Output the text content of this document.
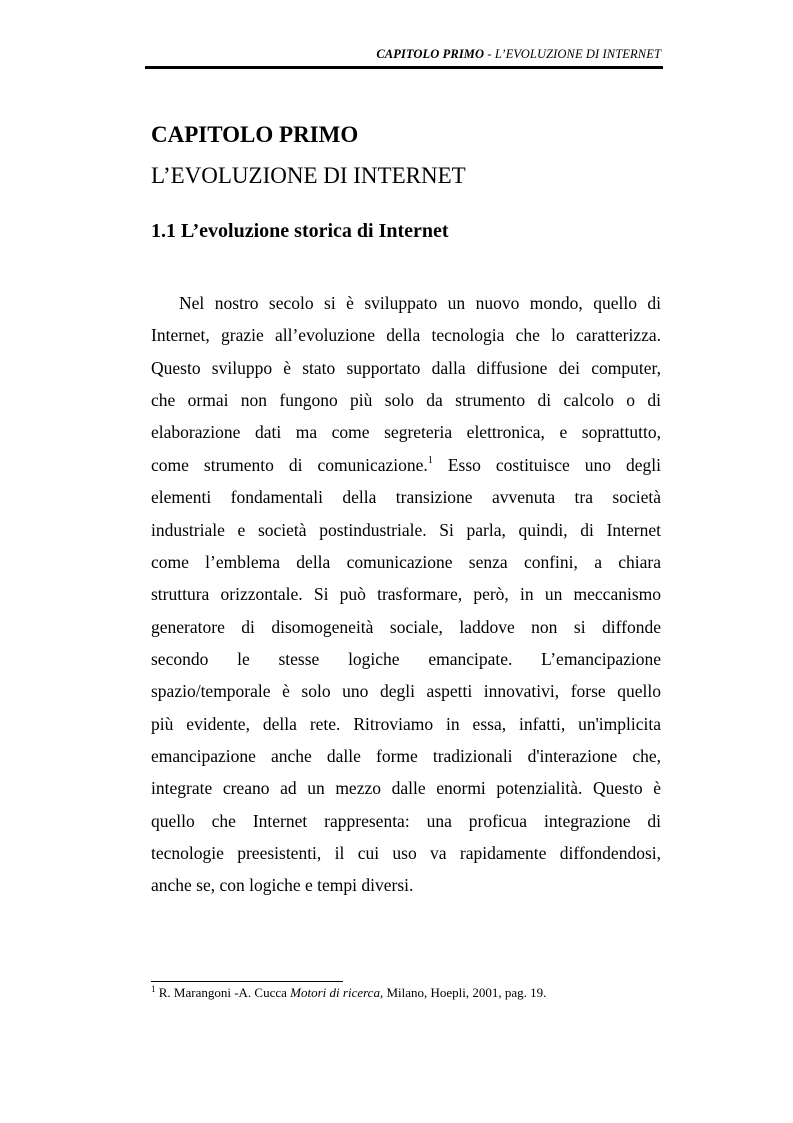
CAPITOLO PRIMO - L’EVOLUZIONE DI INTERNET
CAPITOLO PRIMO
L’EVOLUZIONE DI INTERNET
1.1 L’evoluzione storica di Internet
Nel nostro secolo si è sviluppato un nuovo mondo, quello di
Internet, grazie all’evoluzione della tecnologia che lo caratterizza.
Questo sviluppo è stato supportato dalla diffusione dei computer,
che ormai non fungono più solo da strumento di calcolo o di
elaborazione dati ma come segreteria elettronica, e soprattutto,
come strumento di comunicazione.$^1$ Esso costituisce uno degli
elementi fondamentali della transizione avvenuta tra società
industriale e società postindustriale. Si parla, quindi, di Internet
come l’emblema della comunicazione senza confini, a chiara
struttura orizzontale. Si può trasformare, però, in un meccanismo
generatore di disomogeneità sociale, laddove non si diffonde
secondo le stesse logiche emancipate. L’emancipazione
spazio/temporale è solo uno degli aspetti innovativi, forse quello
più evidente, della rete. Ritroviamo in essa, infatti, un'implicita
emancipazione anche dalle forme tradizionali d'interazione che,
integrate creano ad un mezzo dalle enormi potenzialità. Questo è
quello che Internet rappresenta: una proficua integrazione di
tecnologie preesistenti, il cui uso va rapidamente diffondendosi,
anche se, con logiche e tempi diversi.
$^1$ R. Marangoni -A. Cucca Motori di ricerca, Milano, Hoepli, 2001, pag. 19.
